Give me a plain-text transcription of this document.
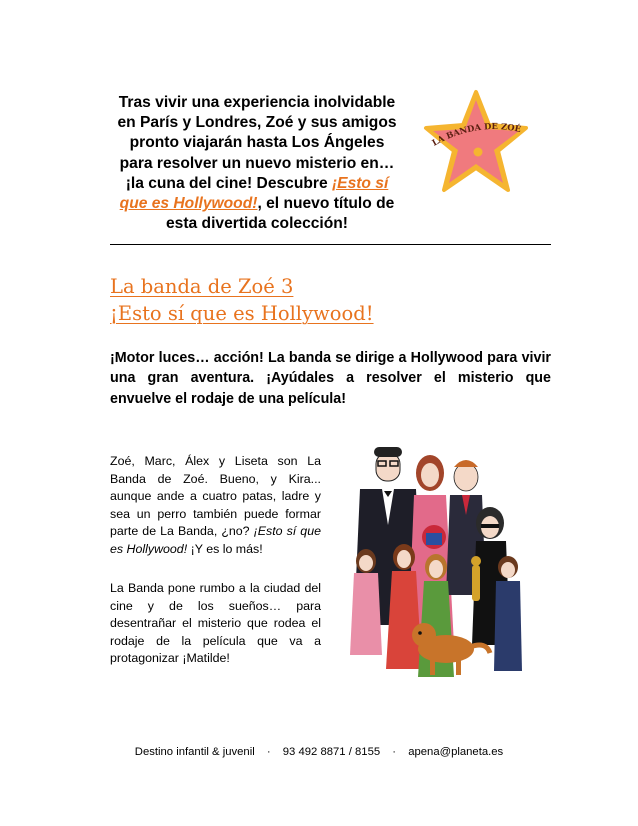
Tras vivir una experiencia inolvidable
en París y Londres, Zoé y sus amigos
pronto viajarán hasta Los Ángeles
para resolver un nuevo misterio en…
¡la cuna del cine! Descubre ¡Esto sí
que es Hollywood!, el nuevo título de
esta divertida colección!
LA BANDA DE ZOÉ
La banda de Zoé 3
¡Esto sí que es Hollywood!
¡Motor luces… acción! La banda se dirige a Hollywood para vivir una gran aventura. ¡Ayúdales a resolver el misterio que envuelve el rodaje de una película!
Zoé, Marc, Álex y Liseta son La Banda de Zoé. Bueno, y Kira... aunque ande a cuatro patas, ladre y sea un perro también puede formar parte de La Banda, ¿no? ¡Esto sí que es Hollywood! ¡Y es lo más!
La Banda pone rumbo a la ciudad del cine y de los sueños… para desentrañar el misterio que rodea el rodaje de la película que va a protagonizar ¡Matilde!
Destino infantil & juvenil · 93 492 8871 / 8155 · apena@planeta.es
